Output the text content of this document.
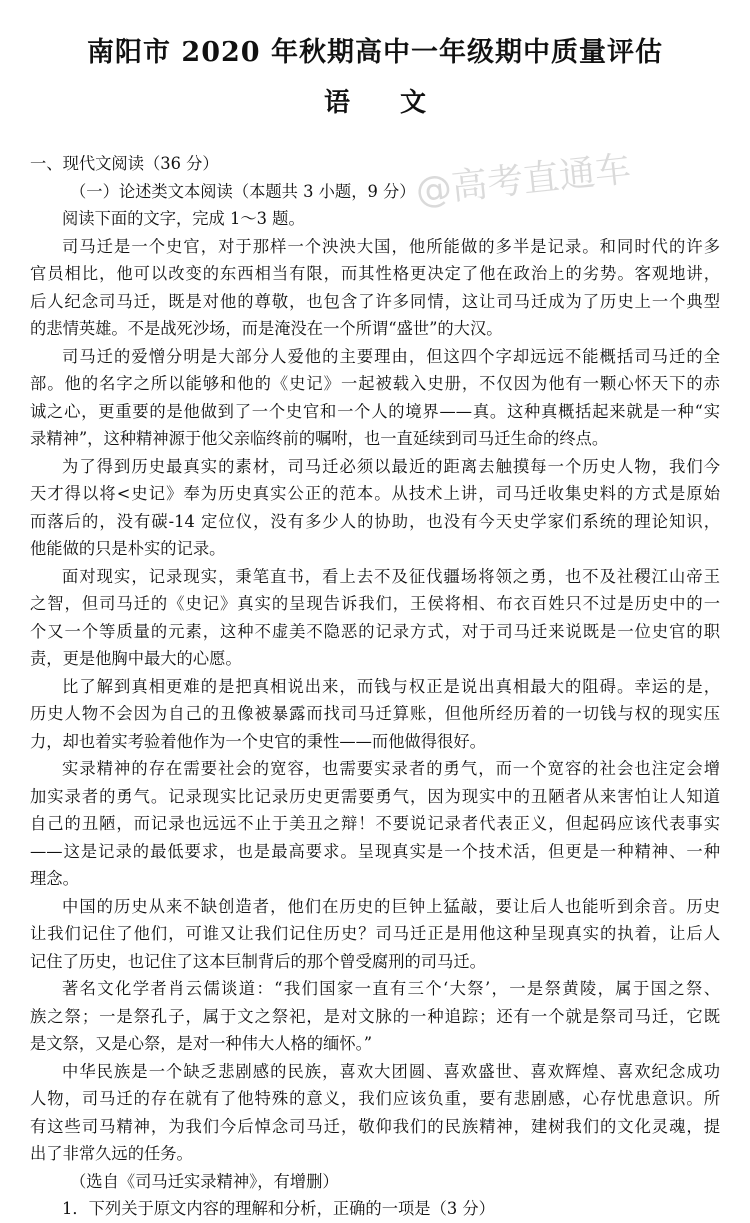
南阳市 2020 年秋期高中一年级期中质量评估
语文
@高考直通车
一、现代文阅读（36 分）
（一）论述类文本阅读（本题共 3 小题，9 分）
阅读下面的文字，完成 1～3 题。
司马迁是一个史官，对于那样一个泱泱大国，他所能做的多半是记录。和同时代的许多
官员相比，他可以改变的东西相当有限，而其性格更决定了他在政治上的劣势。客观地讲，
后人纪念司马迁，既是对他的尊敬，也包含了许多同情，这让司马迁成为了历史上一个典型
的悲情英雄。不是战死沙场，而是淹没在一个所谓“盛世”的大汉。
司马迁的爱憎分明是大部分人爱他的主要理由，但这四个字却远远不能概括司马迁的全
部。他的名字之所以能够和他的《史记》一起被载入史册，不仅因为他有一颗心怀天下的赤
诚之心，更重要的是他做到了一个史官和一个人的境界——真。这种真概括起来就是一种“实
录精神”，这种精神源于他父亲临终前的嘱咐，也一直延续到司马迁生命的终点。
为了得到历史最真实的素材，司马迁必须以最近的距离去触摸每一个历史人物，我们今
天才得以将<史记》奉为历史真实公正的范本。从技术上讲，司马迁收集史料的方式是原始
而落后的，没有碳-14 定位仪，没有多少人的协助，也没有今天史学家们系统的理论知识，
他能做的只是朴实的记录。
面对现实，记录现实，秉笔直书，看上去不及征伐疆场将领之勇，也不及社稷江山帝王
之智，但司马迁的《史记》真实的呈现告诉我们，王侯将相、布衣百姓只不过是历史中的一
个又一个等质量的元素，这种不虚美不隐恶的记录方式，对于司马迁来说既是一位史官的职
责，更是他胸中最大的心愿。
比了解到真相更难的是把真相说出来，而钱与权正是说出真相最大的阻碍。幸运的是，
历史人物不会因为自己的丑像被暴露而找司马迁算账，但他所经历着的一切钱与权的现实压
力，却也着实考验着他作为一个史官的秉性——而他做得很好。
实录精神的存在需要社会的宽容，也需要实录者的勇气，而一个宽容的社会也注定会增
加实录者的勇气。记录现实比记录历史更需要勇气，因为现实中的丑陋者从来害怕让人知道
自己的丑陋，而记录也远远不止于美丑之辩！不要说记录者代表正义，但起码应该代表事实
——这是记录的最低要求，也是最高要求。呈现真实是一个技术活，但更是一种精神、一种
理念。
中国的历史从来不缺创造者，他们在历史的巨钟上猛敲，要让后人也能听到余音。历史
让我们记住了他们，可谁又让我们记住历史？司马迁正是用他这种呈现真实的执着，让后人
记住了历史，也记住了这本巨制背后的那个曾受腐刑的司马迁。
著名文化学者肖云儒谈道：“我们国家一直有三个‘大祭’，一是祭黄陵，属于国之祭、
族之祭；一是祭孔子，属于文之祭祀，是对文脉的一种追踪；还有一个就是祭司马迁，它既
是文祭，又是心祭，是对一种伟大人格的缅怀。”
中华民族是一个缺乏悲剧感的民族，喜欢大团圆、喜欢盛世、喜欢辉煌、喜欢纪念成功
人物，司马迁的存在就有了他特殊的意义，我们应该负重，要有悲剧感，心存忧患意识。所
有这些司马精神，为我们今后悼念司马迁，敬仰我们的民族精神，建树我们的文化灵魂，提
出了非常久远的任务。
（选自《司马迁实录精神》，有增删）
1．下列关于原文内容的理解和分析，正确的一项是（3 分）
